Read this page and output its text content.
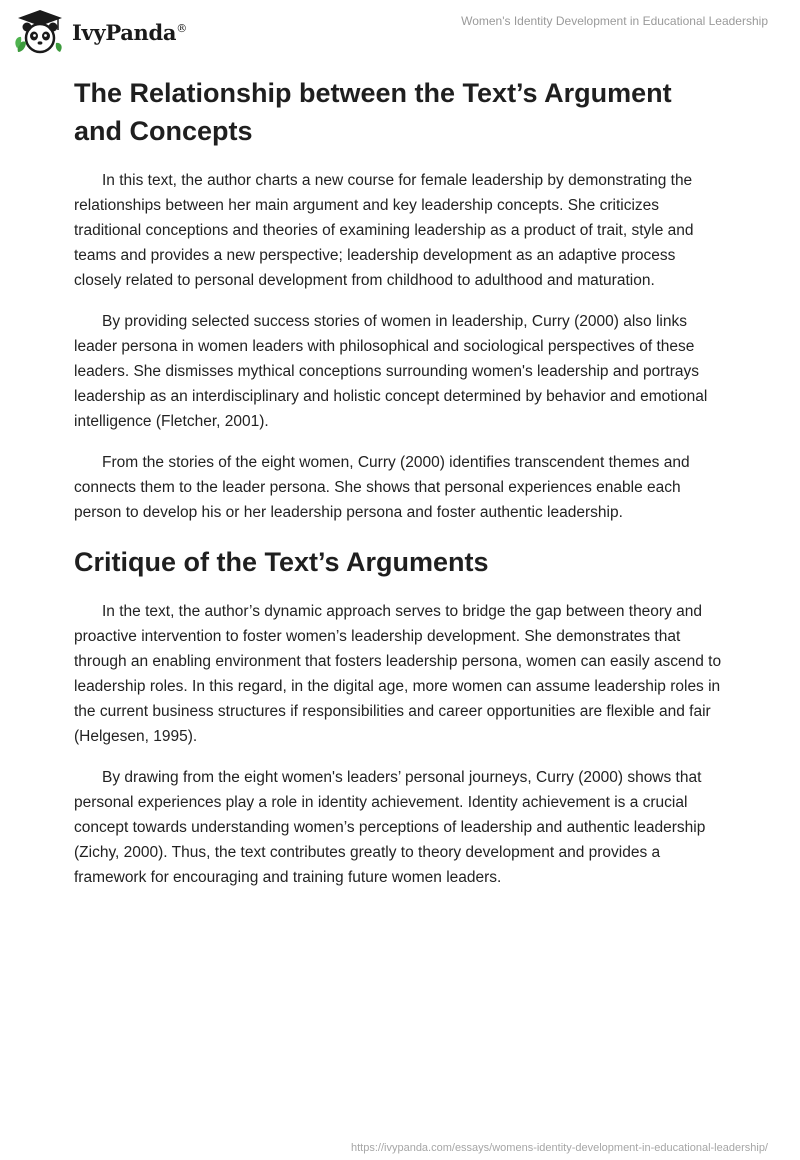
IvyPanda®	Women's Identity Development in Educational Leadership
The Relationship between the Text’s Argument and Concepts

In this text, the author charts a new course for female leadership by demonstrating the relationships between her main argument and key leadership concepts. She criticizes traditional conceptions and theories of examining leadership as a product of trait, style and teams and provides a new perspective; leadership development as an adaptive process closely related to personal development from childhood to adulthood and maturation.

By providing selected success stories of women in leadership, Curry (2000) also links leader persona in women leaders with philosophical and sociological perspectives of these leaders. She dismisses mythical conceptions surrounding women's leadership and portrays leadership as an interdisciplinary and holistic concept determined by behavior and emotional intelligence (Fletcher, 2001).

From the stories of the eight women, Curry (2000) identifies transcendent themes and connects them to the leader persona. She shows that personal experiences enable each person to develop his or her leadership persona and foster authentic leadership.

Critique of the Text’s Arguments

In the text, the author’s dynamic approach serves to bridge the gap between theory and proactive intervention to foster women’s leadership development. She demonstrates that through an enabling environment that fosters leadership persona, women can easily ascend to leadership roles. In this regard, in the digital age, more women can assume leadership roles in the current business structures if responsibilities and career opportunities are flexible and fair (Helgesen, 1995).

By drawing from the eight women's leaders’ personal journeys, Curry (2000) shows that personal experiences play a role in identity achievement. Identity achievement is a crucial concept towards understanding women’s perceptions of leadership and authentic leadership (Zichy, 2000). Thus, the text contributes greatly to theory development and provides a framework for encouraging and training future women leaders.

https://ivypanda.com/essays/womens-identity-development-in-educational-leadership/
